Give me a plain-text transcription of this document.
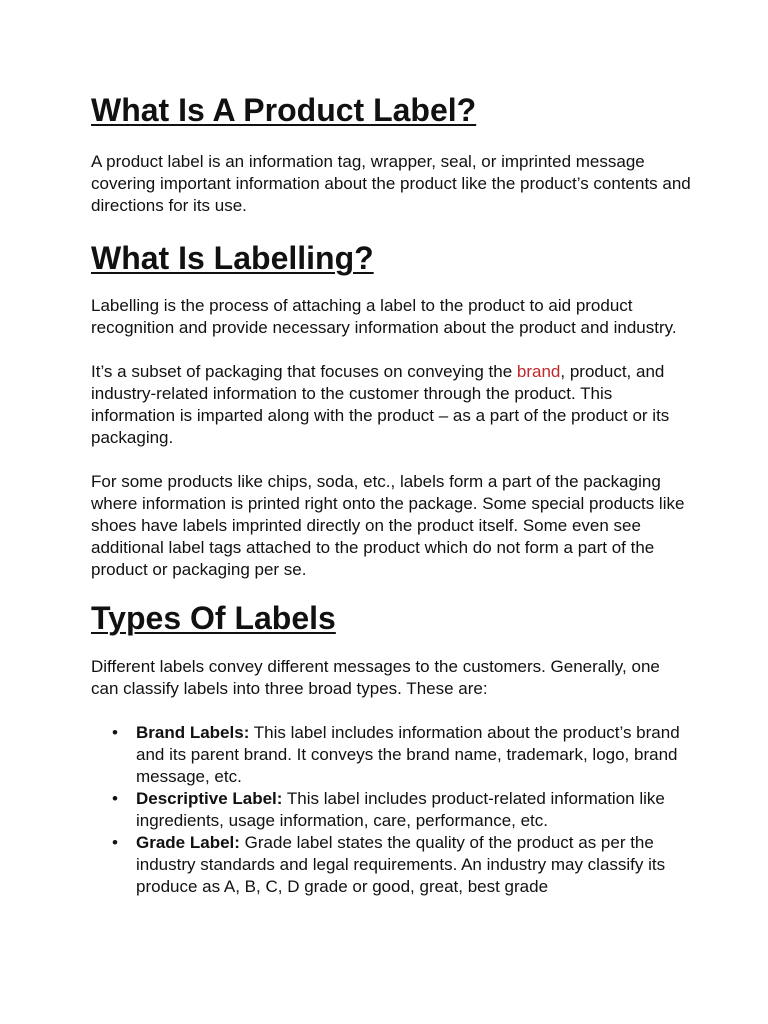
What Is A Product Label?

A product label is an information tag, wrapper, seal, or imprinted message covering important information about the product like the product’s contents and directions for its use.

What Is Labelling?

Labelling is the process of attaching a label to the product to aid product recognition and provide necessary information about the product and industry.

It’s a subset of packaging that focuses on conveying the brand, product, and industry-related information to the customer through the product. This information is imparted along with the product – as a part of the product or its packaging.

For some products like chips, soda, etc., labels form a part of the packaging where information is printed right onto the package. Some special products like shoes have labels imprinted directly on the product itself. Some even see additional label tags attached to the product which do not form a part of the product or packaging per se.

Types Of Labels

Different labels convey different messages to the customers. Generally, one can classify labels into three broad types. These are:

• Brand Labels: This label includes information about the product’s brand and its parent brand. It conveys the brand name, trademark, logo, brand message, etc.
• Descriptive Label: This label includes product-related information like ingredients, usage information, care, performance, etc.
• Grade Label: Grade label states the quality of the product as per the industry standards and legal requirements. An industry may classify its produce as A, B, C, D grade or good, great, best grade
